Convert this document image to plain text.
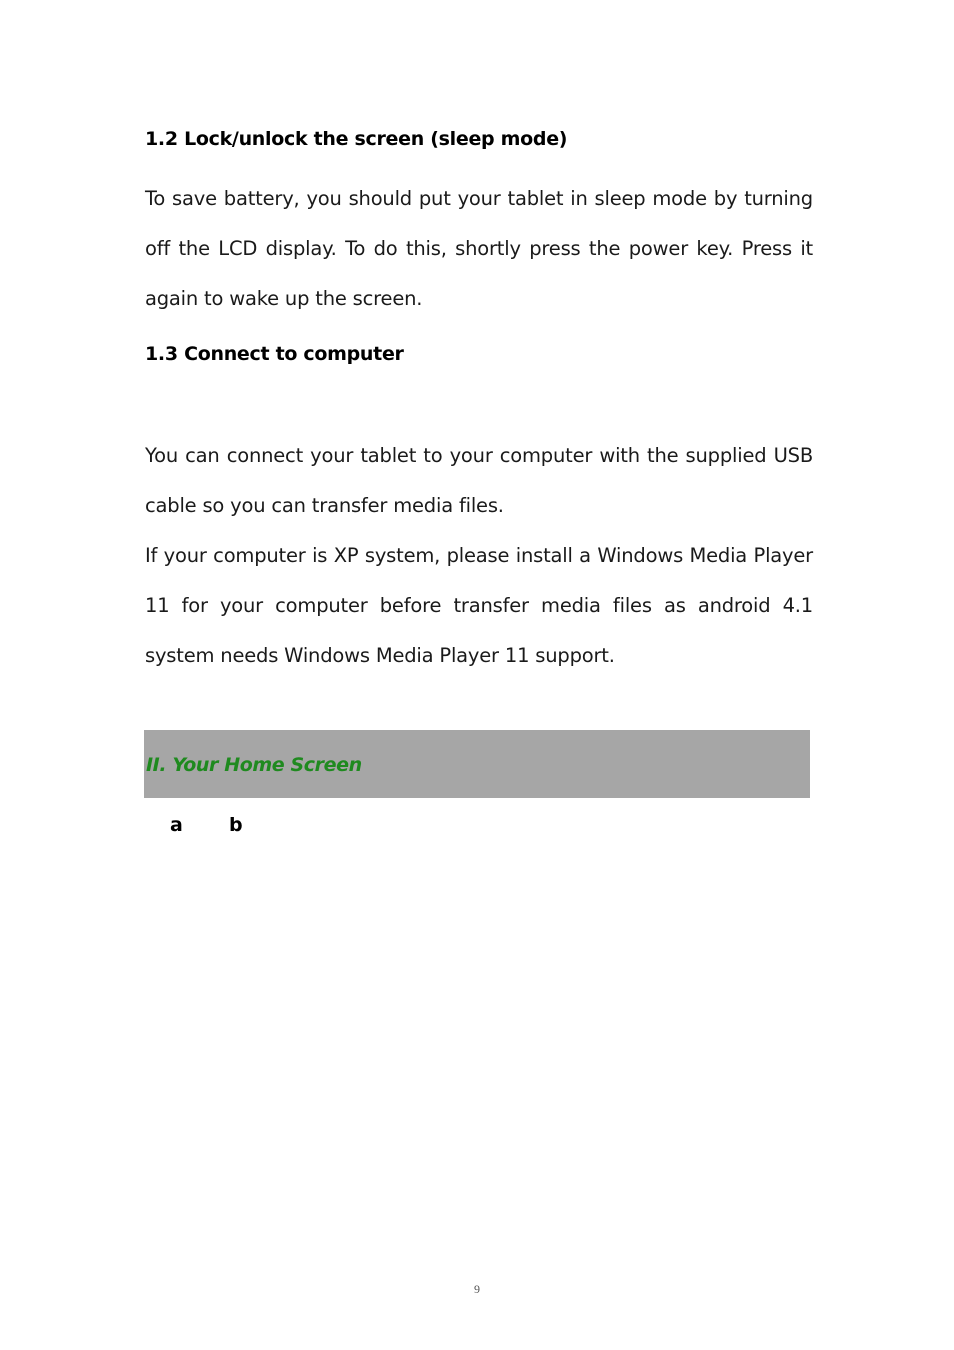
1.2 Lock/unlock the screen (sleep mode)
To save battery, you should put your tablet in sleep mode by turning off the LCD display. To do this, shortly press the power key. Press it again to wake up the screen.
1.3 Connect to computer
You can connect your tablet to your computer with the supplied USB cable so you can transfer media files.
If your computer is XP system, please install a Windows Media Player 11 for your computer before transfer media files as android 4.1 system needs Windows Media Player 11 support.
II. Your Home Screen
a b
9
